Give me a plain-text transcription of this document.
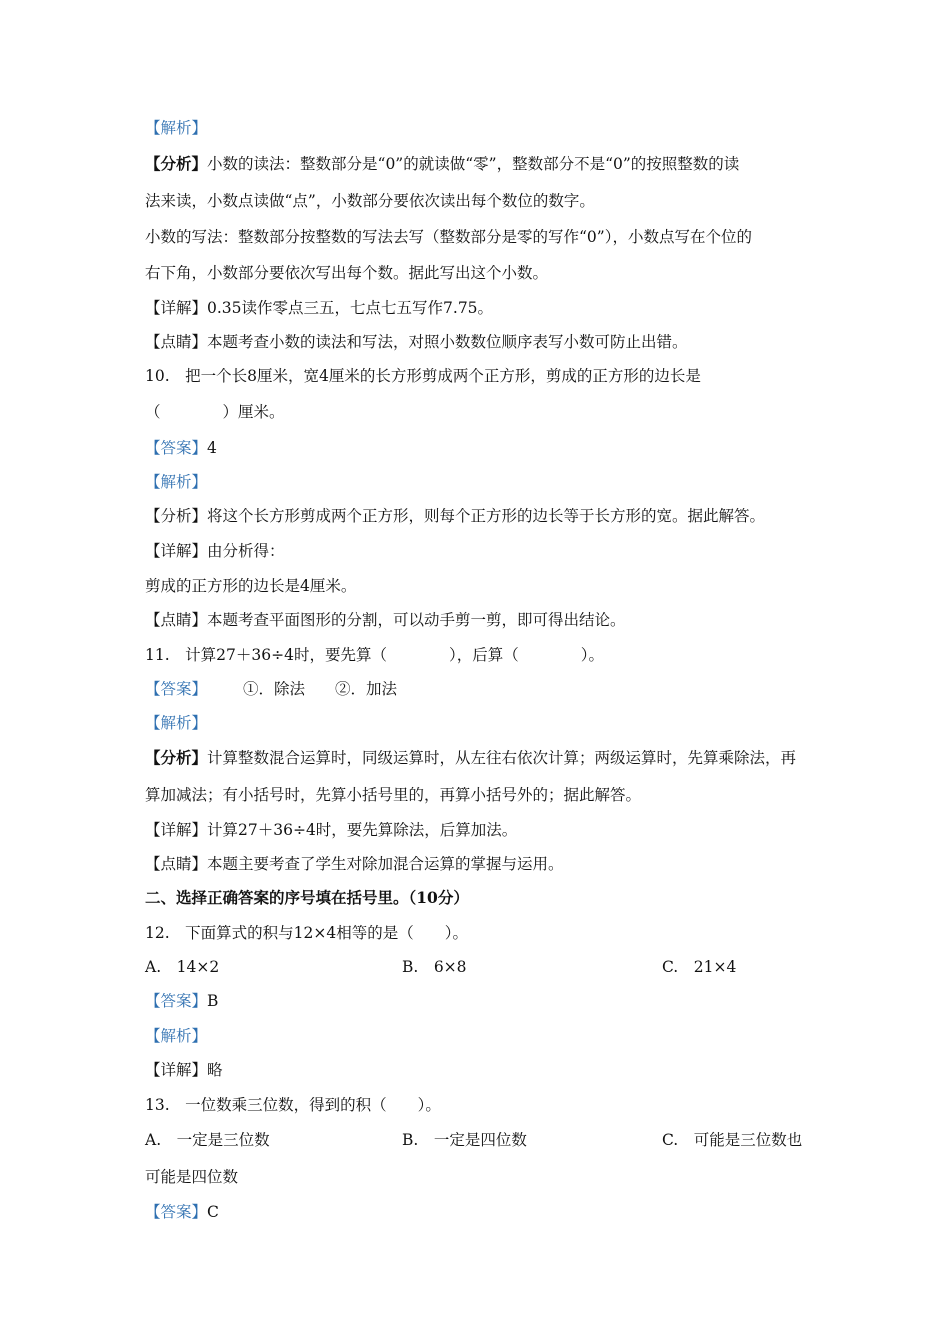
【解析】
【分析】小数的读法：整数部分是“0”的就读做“零”，整数部分不是“0”的按照整数的读
法来读，小数点读做“点”，小数部分要依次读出每个数位的数字。
小数的写法：整数部分按整数的写法去写（整数部分是零的写作“0”），小数点写在个位的
右下角，小数部分要依次写出每个数。据此写出这个小数。
【详解】0.35读作零点三五，七点七五写作7.75。
【点睛】本题考查小数的读法和写法，对照小数数位顺序表写小数可防止出错。
10.　把一个长8厘米，宽4厘米的长方形剪成两个正方形，剪成的正方形的边长是
（　　　　）厘米。
【答案】4
【解析】
【分析】将这个长方形剪成两个正方形，则每个正方形的边长等于长方形的宽。据此解答。
【详解】由分析得：
剪成的正方形的边长是4厘米。
【点睛】本题考查平面图形的分割，可以动手剪一剪，即可得出结论。
11.　计算27＋36÷4时，要先算（　　　　），后算（　　　　）。
【答案】 ①．除法 ②．加法
【解析】
【分析】计算整数混合运算时，同级运算时，从左往右依次计算；两级运算时，先算乘除法，再
算加减法；有小括号时，先算小括号里的，再算小括号外的；据此解答。
【详解】计算27＋36÷4时，要先算除法，后算加法。
【点睛】本题主要考查了学生对除加混合运算的掌握与运用。
二、选择正确答案的序号填在括号里。（10分）
12.　下面算式的积与12×4相等的是（　　）。
A.　14×2	B.　6×8	C.　21×4
【答案】B
【解析】
【详解】略
13.　一位数乘三位数，得到的积（　　）。
A.　一定是三位数	B.　一定是四位数	C.　可能是三位数也
可能是四位数
【答案】C
